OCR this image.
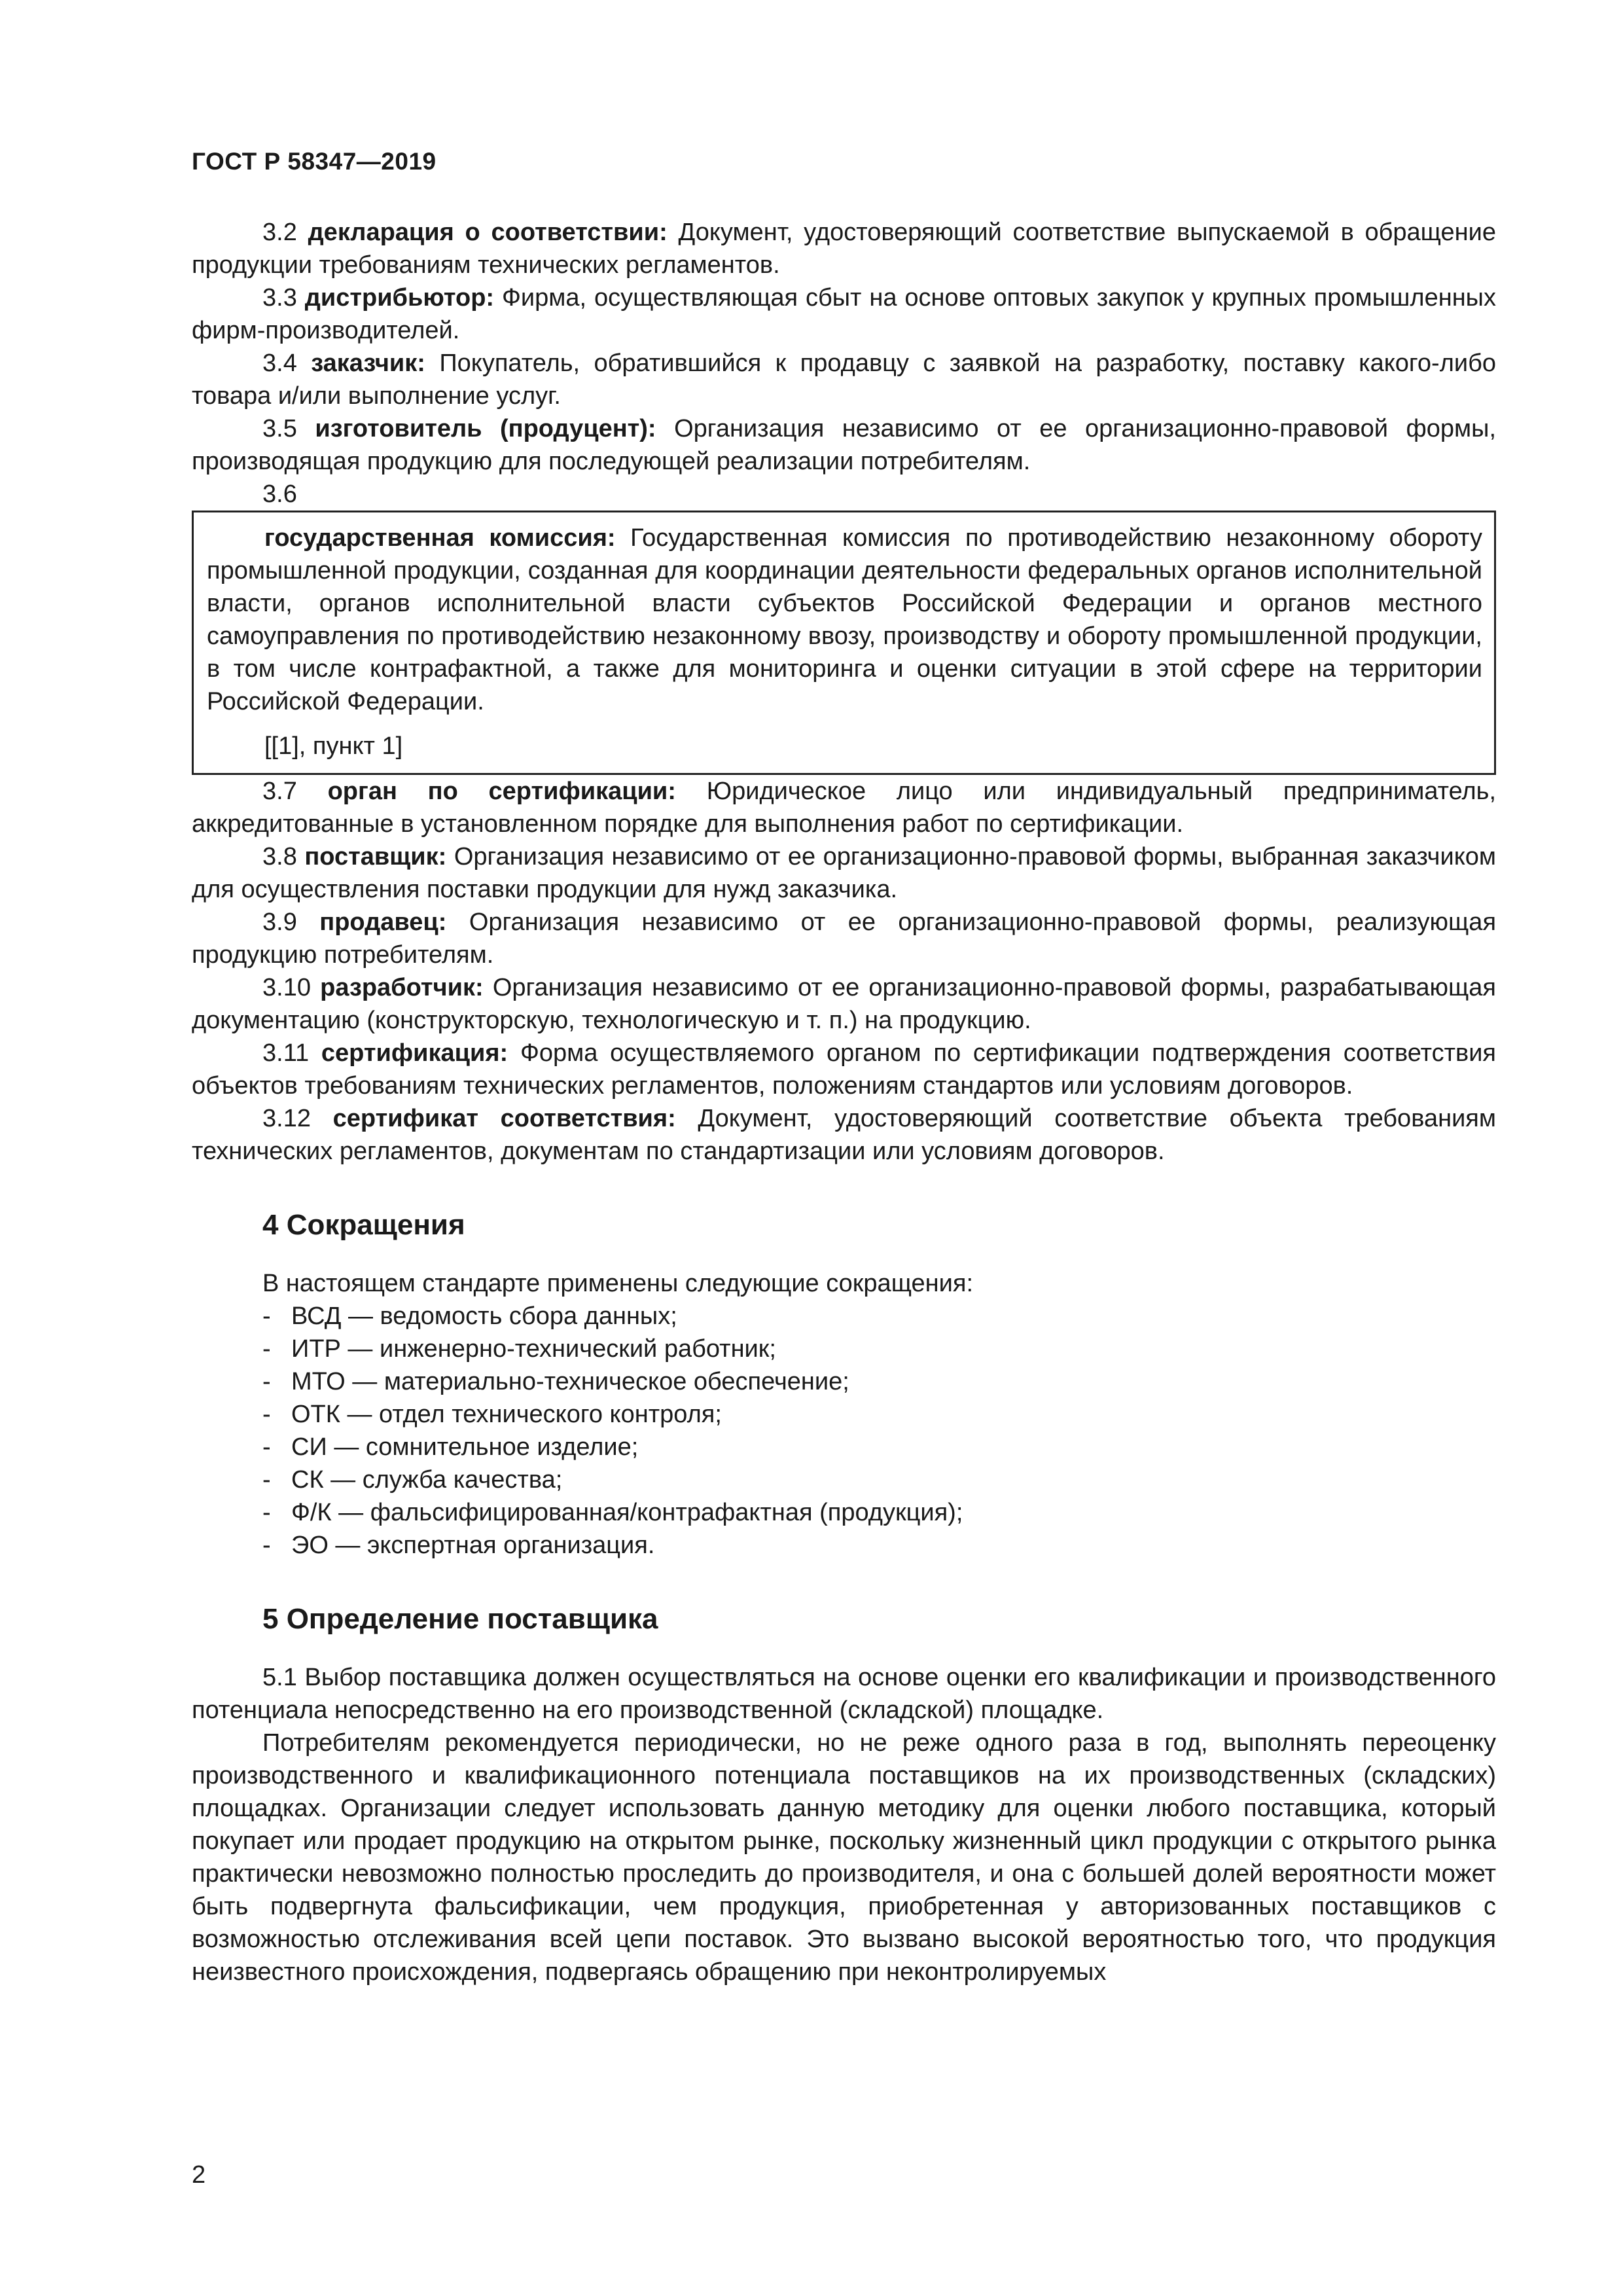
ГОСТ Р 58347—2019

3.2 декларация о соответствии: Документ, удостоверяющий соответствие выпускаемой в обращение продукции требованиям технических регламентов.

3.3 дистрибьютор: Фирма, осуществляющая сбыт на основе оптовых закупок у крупных промышленных фирм-производителей.

3.4 заказчик: Покупатель, обратившийся к продавцу с заявкой на разработку, поставку какого-либо товара и/или выполнение услуг.

3.5 изготовитель (продуцент): Организация независимо от ее организационно-правовой формы, производящая продукцию для последующей реализации потребителям.

3.6

государственная комиссия: Государственная комиссия по противодействию незаконному обороту промышленной продукции, созданная для координации деятельности федеральных органов исполнительной власти, органов исполнительной власти субъектов Российской Федерации и органов местного самоуправления по противодействию незаконному ввозу, производству и обороту промышленной продукции, в том числе контрафактной, а также для мониторинга и оценки ситуации в этой сфере на территории Российской Федерации.

[[1], пункт 1]

3.7 орган по сертификации: Юридическое лицо или индивидуальный предприниматель, аккредитованные в установленном порядке для выполнения работ по сертификации.

3.8 поставщик: Организация независимо от ее организационно-правовой формы, выбранная заказчиком для осуществления поставки продукции для нужд заказчика.

3.9 продавец: Организация независимо от ее организационно-правовой формы, реализующая продукцию потребителям.

3.10 разработчик: Организация независимо от ее организационно-правовой формы, разрабатывающая документацию (конструкторскую, технологическую и т. п.) на продукцию.

3.11 сертификация: Форма осуществляемого органом по сертификации подтверждения соответствия объектов требованиям технических регламентов, положениям стандартов или условиям договоров.

3.12 сертификат соответствия: Документ, удостоверяющий соответствие объекта требованиям технических регламентов, документам по стандартизации или условиям договоров.

4 Сокращения

В настоящем стандарте применены следующие сокращения:

- ВСД — ведомость сбора данных;
- ИТР — инженерно-технический работник;
- МТО — материально-техническое обеспечение;
- ОТК — отдел технического контроля;
- СИ — сомнительное изделие;
- СК — служба качества;
- Ф/К — фальсифицированная/контрафактная (продукция);
- ЭО — экспертная организация.
5 Определение поставщика

5.1 Выбор поставщика должен осуществляться на основе оценки его квалификации и производственного потенциала непосредственно на его производственной (складской) площадке.

Потребителям рекомендуется периодически, но не реже одного раза в год, выполнять переоценку производственного и квалификационного потенциала поставщиков на их производственных (складских) площадках. Организации следует использовать данную методику для оценки любого поставщика, который покупает или продает продукцию на открытом рынке, поскольку жизненный цикл продукции с открытого рынка практически невозможно полностью проследить до производителя, и она с большей долей вероятности может быть подвергнута фальсификации, чем продукция, приобретенная у авторизованных поставщиков с возможностью отслеживания всей цепи поставок. Это вызвано высокой вероятностью того, что продукция неизвестного происхождения, подвергаясь обращению при неконтролируемых

2
